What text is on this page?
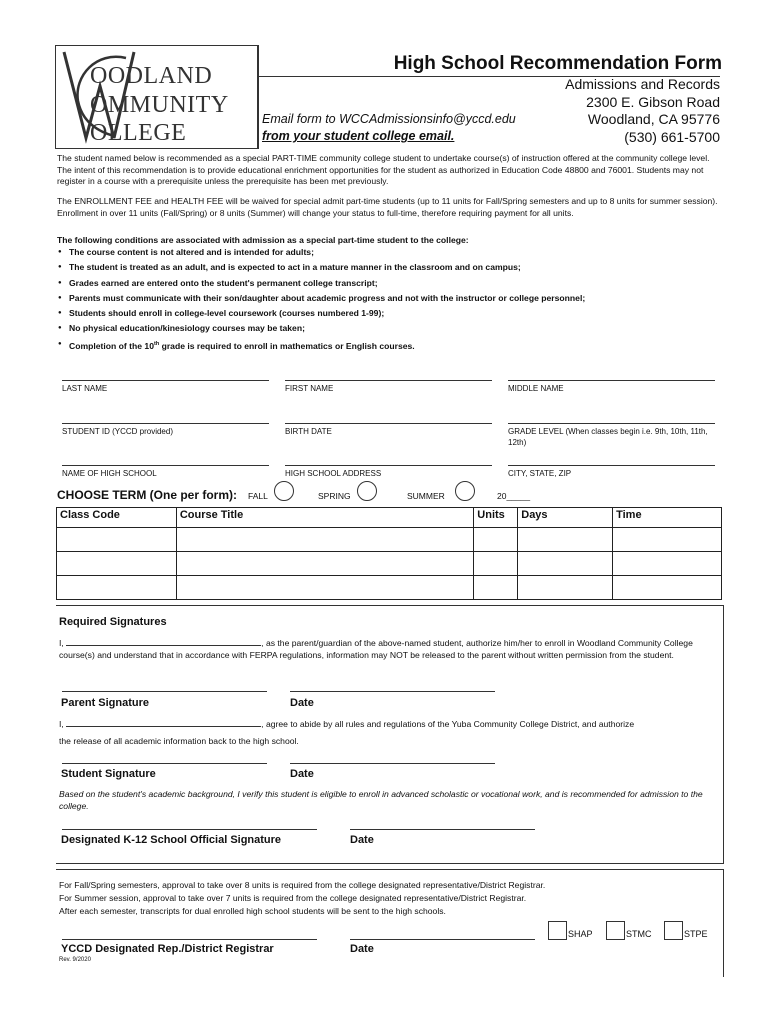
OODLAND
OMMUNITY
OLLEGE
High School Recommendation Form
Email form to WCCAdmissionsinfo@yccd.edu
from your student college email.
Admissions and Records
2300 E. Gibson Road
Woodland, CA 95776
(530) 661-5700
The student named below is recommended as a special PART-TIME community college student to undertake course(s) of instruction offered at the community college level. The intent of this recommendation is to provide educational enrichment opportunities for the student as authorized in Education Code 48800 and 76001. Students may not register in a course with a prerequisite unless the prerequisite has been met previously.
The ENROLLMENT FEE and HEALTH FEE will be waived for special admit part-time students (up to 11 units for Fall/Spring semesters and up to 8 units for summer session). Enrollment in over 11 units (Fall/Spring) or 8 units (Summer) will change your status to full-time, therefore requiring payment for all units.
The following conditions are associated with admission as a special part-time student to the college:
● The course content is not altered and is intended for adults;
● The student is treated as an adult, and is expected to act in a mature manner in the classroom and on campus;
● Grades earned are entered onto the student's permanent college transcript;
● Parents must communicate with their son/daughter about academic progress and not with the instructor or college personnel;
● Students should enroll in college-level coursework (courses numbered 1-99);
● No physical education/kinesiology courses may be taken;
● Completion of the 10th grade is required to enroll in mathematics or English courses.
LAST NAME	FIRST NAME	MIDDLE NAME
STUDENT ID (YCCD provided)	BIRTH DATE	GRADE LEVEL (When classes begin i.e. 9th, 10th, 11th, 12th)
NAME OF HIGH SCHOOL	HIGH SCHOOL ADDRESS	CITY, STATE, ZIP
CHOOSE TERM (One per form): FALL	SPRING	SUMMER	20_____
Class Code	Course Title	Units	Days	Time

Required Signatures
I,	, as the parent/guardian of the above-named student, authorize him/her to enroll in Woodland Community College course(s) and understand that in accordance with FERPA regulations, information may NOT be released to the parent without written permission from the student.
Parent Signature	Date
I,	, agree to abide by all rules and regulations of the Yuba Community College District, and authorize
the release of all academic information back to the high school.
Student Signature	Date
Based on the student's academic background, I verify this student is eligible to enroll in advanced scholastic or vocational work, and is recommended for admission to the college.
Designated K-12 School Official Signature	Date
For Fall/Spring semesters, approval to take over 8 units is required from the college designated representative/District Registrar.
For Summer session, approval to take over 7 units is required from the college designated representative/District Registrar.
After each semester, transcripts for dual enrolled high school students will be sent to the high schools.
YCCD Designated Rep./District Registrar	Date
SHAP	STMC	STPE
Rev. 9/2020
